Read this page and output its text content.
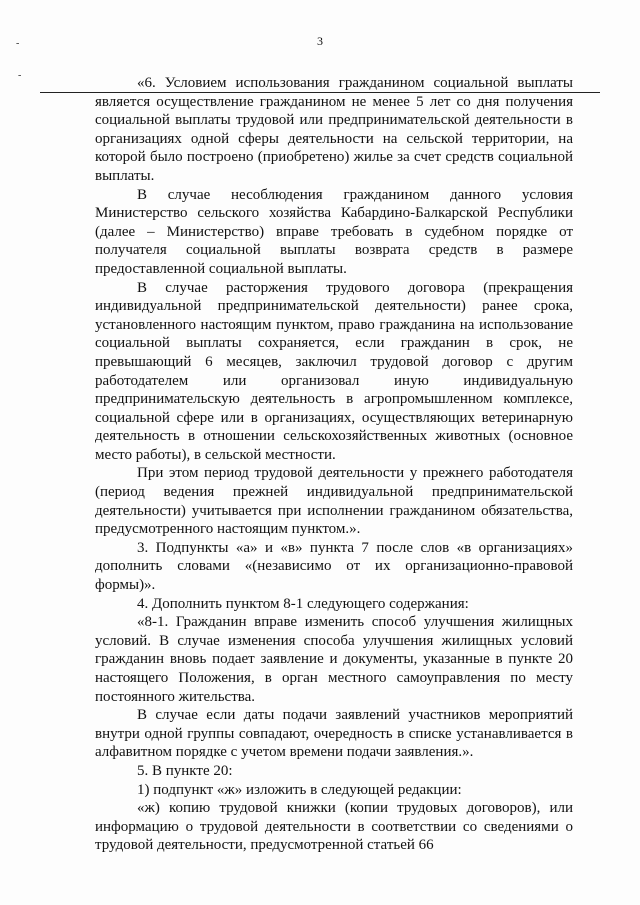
3
-
-	«6. Условием использования гражданином социальной выплаты является осуществление гражданином не менее 5 лет со дня получения социальной выплаты трудовой или предпринимательской деятельности в организациях одной сферы деятельности на сельской территории, на которой было построено (приобретено) жилье за счет средств социальной выплаты.

В случае несоблюдения гражданином данного условия Министерство сельского хозяйства Кабардино-Балкарской Республики (далее – Министерство) вправе требовать в судебном порядке от получателя социальной выплаты возврата средств в размере предоставленной социальной выплаты.

В случае расторжения трудового договора (прекращения индивидуальной предпринимательской деятельности) ранее срока, установленного настоящим пунктом, право гражданина на использование социальной выплаты сохраняется, если гражданин в срок, не превышающий 6 месяцев, заключил трудовой договор с другим работодателем или организовал иную индивидуальную предпринимательскую деятельность в агропромышленном комплексе, социальной сфере или в организациях, осуществляющих ветеринарную деятельность в отношении сельскохозяйственных животных (основное место работы), в сельской местности.

При этом период трудовой деятельности у прежнего работодателя (период ведения прежней индивидуальной предпринимательской деятельности) учитывается при исполнении гражданином обязательства, предусмотренного настоящим пунктом.».

3. Подпункты «а» и «в» пункта 7 после слов «в организациях» дополнить словами «(независимо от их организационно-правовой формы)».

4. Дополнить пунктом 8-1 следующего содержания:

«8-1. Гражданин вправе изменить способ улучшения жилищных условий. В случае изменения способа улучшения жилищных условий гражданин вновь подает заявление и документы, указанные в пункте 20 настоящего Положения, в орган местного самоуправления по месту постоянного жительства.

В случае если даты подачи заявлений участников мероприятий внутри одной группы совпадают, очередность в списке устанавливается в алфавитном порядке с учетом времени подачи заявления.».

5. В пункте 20:

1) подпункт «ж» изложить в следующей редакции:

«ж) копию трудовой книжки (копии трудовых договоров), или информацию о трудовой деятельности в соответствии со сведениями о трудовой деятельности, предусмотренной статьей 66
